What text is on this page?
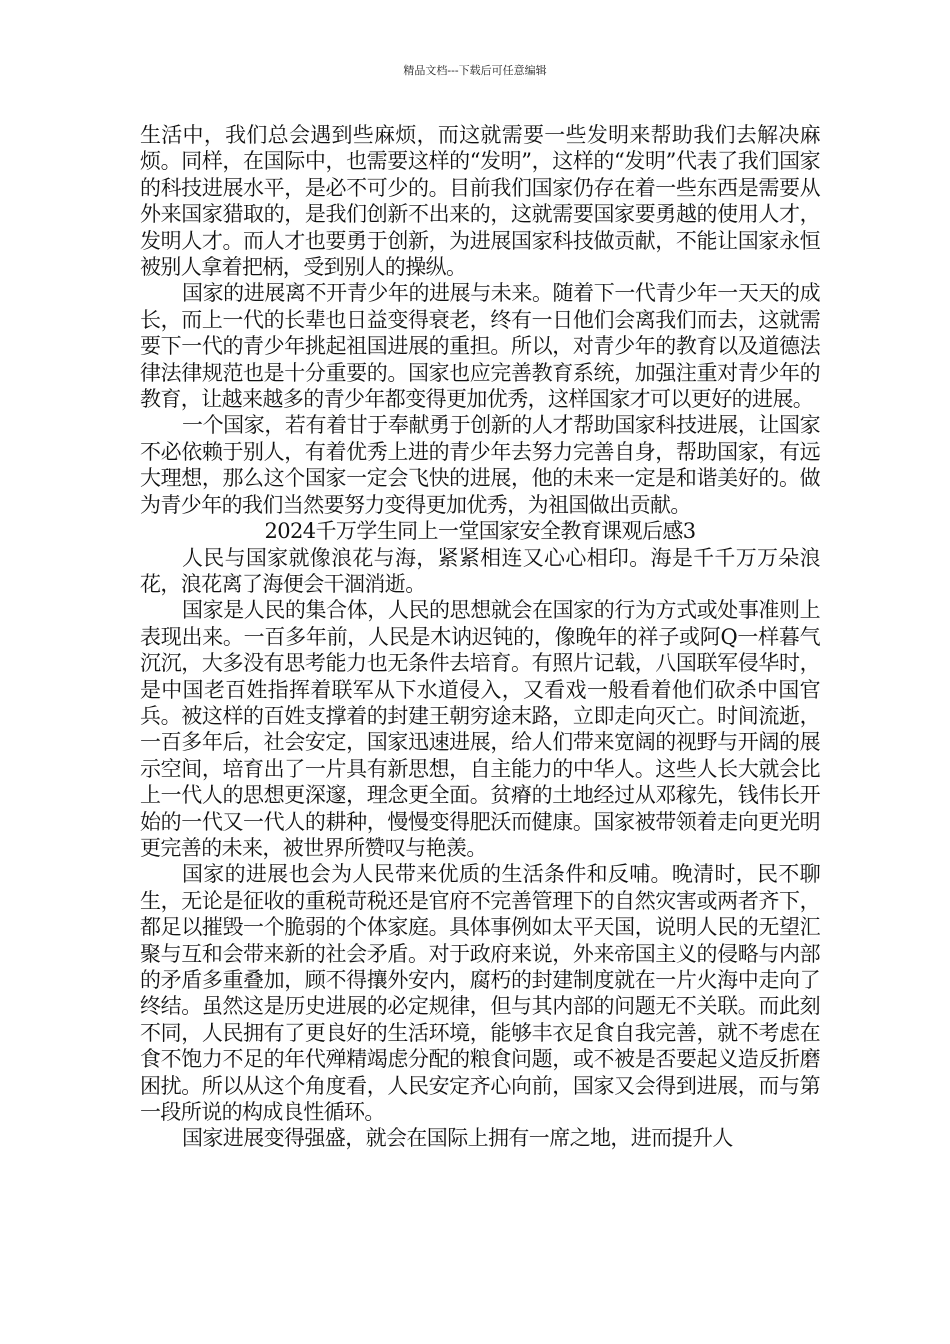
精品文档---下载后可任意编辑

生活中，我们总会遇到些麻烦，而这就需要一些发明来帮助我们去解决麻烦。同样，在国际中，也需要这样的“发明”，这样的“发明”代表了我们国家的科技进展水平，是必不可少的。目前我们国家仍存在着一些东西是需要从外来国家猎取的，是我们创新不出来的，这就需要国家要勇越的使用人才，发明人才。而人才也要勇于创新，为进展国家科技做贡献，不能让国家永恒被别人拿着把柄，受到别人的操纵。

国家的进展离不开青少年的进展与未来。随着下一代青少年一天天的成长，而上一代的长辈也日益变得衰老，终有一日他们会离我们而去，这就需要下一代的青少年挑起祖国进展的重担。所以，对青少年的教育以及道德法律法律规范也是十分重要的。国家也应完善教育系统，加强注重对青少年的教育，让越来越多的青少年都变得更加优秀，这样国家才可以更好的进展。

一个国家，若有着甘于奉献勇于创新的人才帮助国家科技进展，让国家不必依赖于别人，有着优秀上进的青少年去努力完善自身，帮助国家，有远大理想，那么这个国家一定会飞快的进展，他的未来一定是和谐美好的。做为青少年的我们当然要努力变得更加优秀，为祖国做出贡献。

2024千万学生同上一堂国家安全教育课观后感3

人民与国家就像浪花与海，紧紧相连又心心相印。海是千千万万朵浪花，浪花离了海便会干涸消逝。

国家是人民的集合体，人民的思想就会在国家的行为方式或处事准则上表现出来。一百多年前，人民是木讷迟钝的，像晚年的祥子或阿Q一样暮气沉沉，大多没有思考能力也无条件去培育。有照片记载，八国联军侵华时，是中国老百姓指挥着联军从下水道侵入，又看戏一般看着他们砍杀中国官兵。被这样的百姓支撑着的封建王朝穷途末路，立即走向灭亡。时间流逝，一百多年后，社会安定，国家迅速进展，给人们带来宽阔的视野与开阔的展示空间，培育出了一片具有新思想，自主能力的中华人。这些人长大就会比上一代人的思想更深邃，理念更全面。贫瘠的土地经过从邓稼先，钱伟长开始的一代又一代人的耕种，慢慢变得肥沃而健康。国家被带领着走向更光明更完善的未来，被世界所赞叹与艳羡。

国家的进展也会为人民带来优质的生活条件和反哺。晚清时，民不聊生，无论是征收的重税苛税还是官府不完善管理下的自然灾害或两者齐下，都足以摧毁一个脆弱的个体家庭。具体事例如太平天国，说明人民的无望汇聚与互和会带来新的社会矛盾。对于政府来说，外来帝国主义的侵略与内部的矛盾多重叠加，顾不得攘外安内，腐朽的封建制度就在一片火海中走向了终结。虽然这是历史进展的必定规律，但与其内部的问题无不关联。而此刻不同，人民拥有了更良好的生活环境，能够丰衣足食自我完善，就不考虑在食不饱力不足的年代殚精竭虑分配的粮食问题，或不被是否要起义造反折磨困扰。所以从这个角度看，人民安定齐心向前，国家又会得到进展，而与第一段所说的构成良性循环。

国家进展变得强盛，就会在国际上拥有一席之地，进而提升人
